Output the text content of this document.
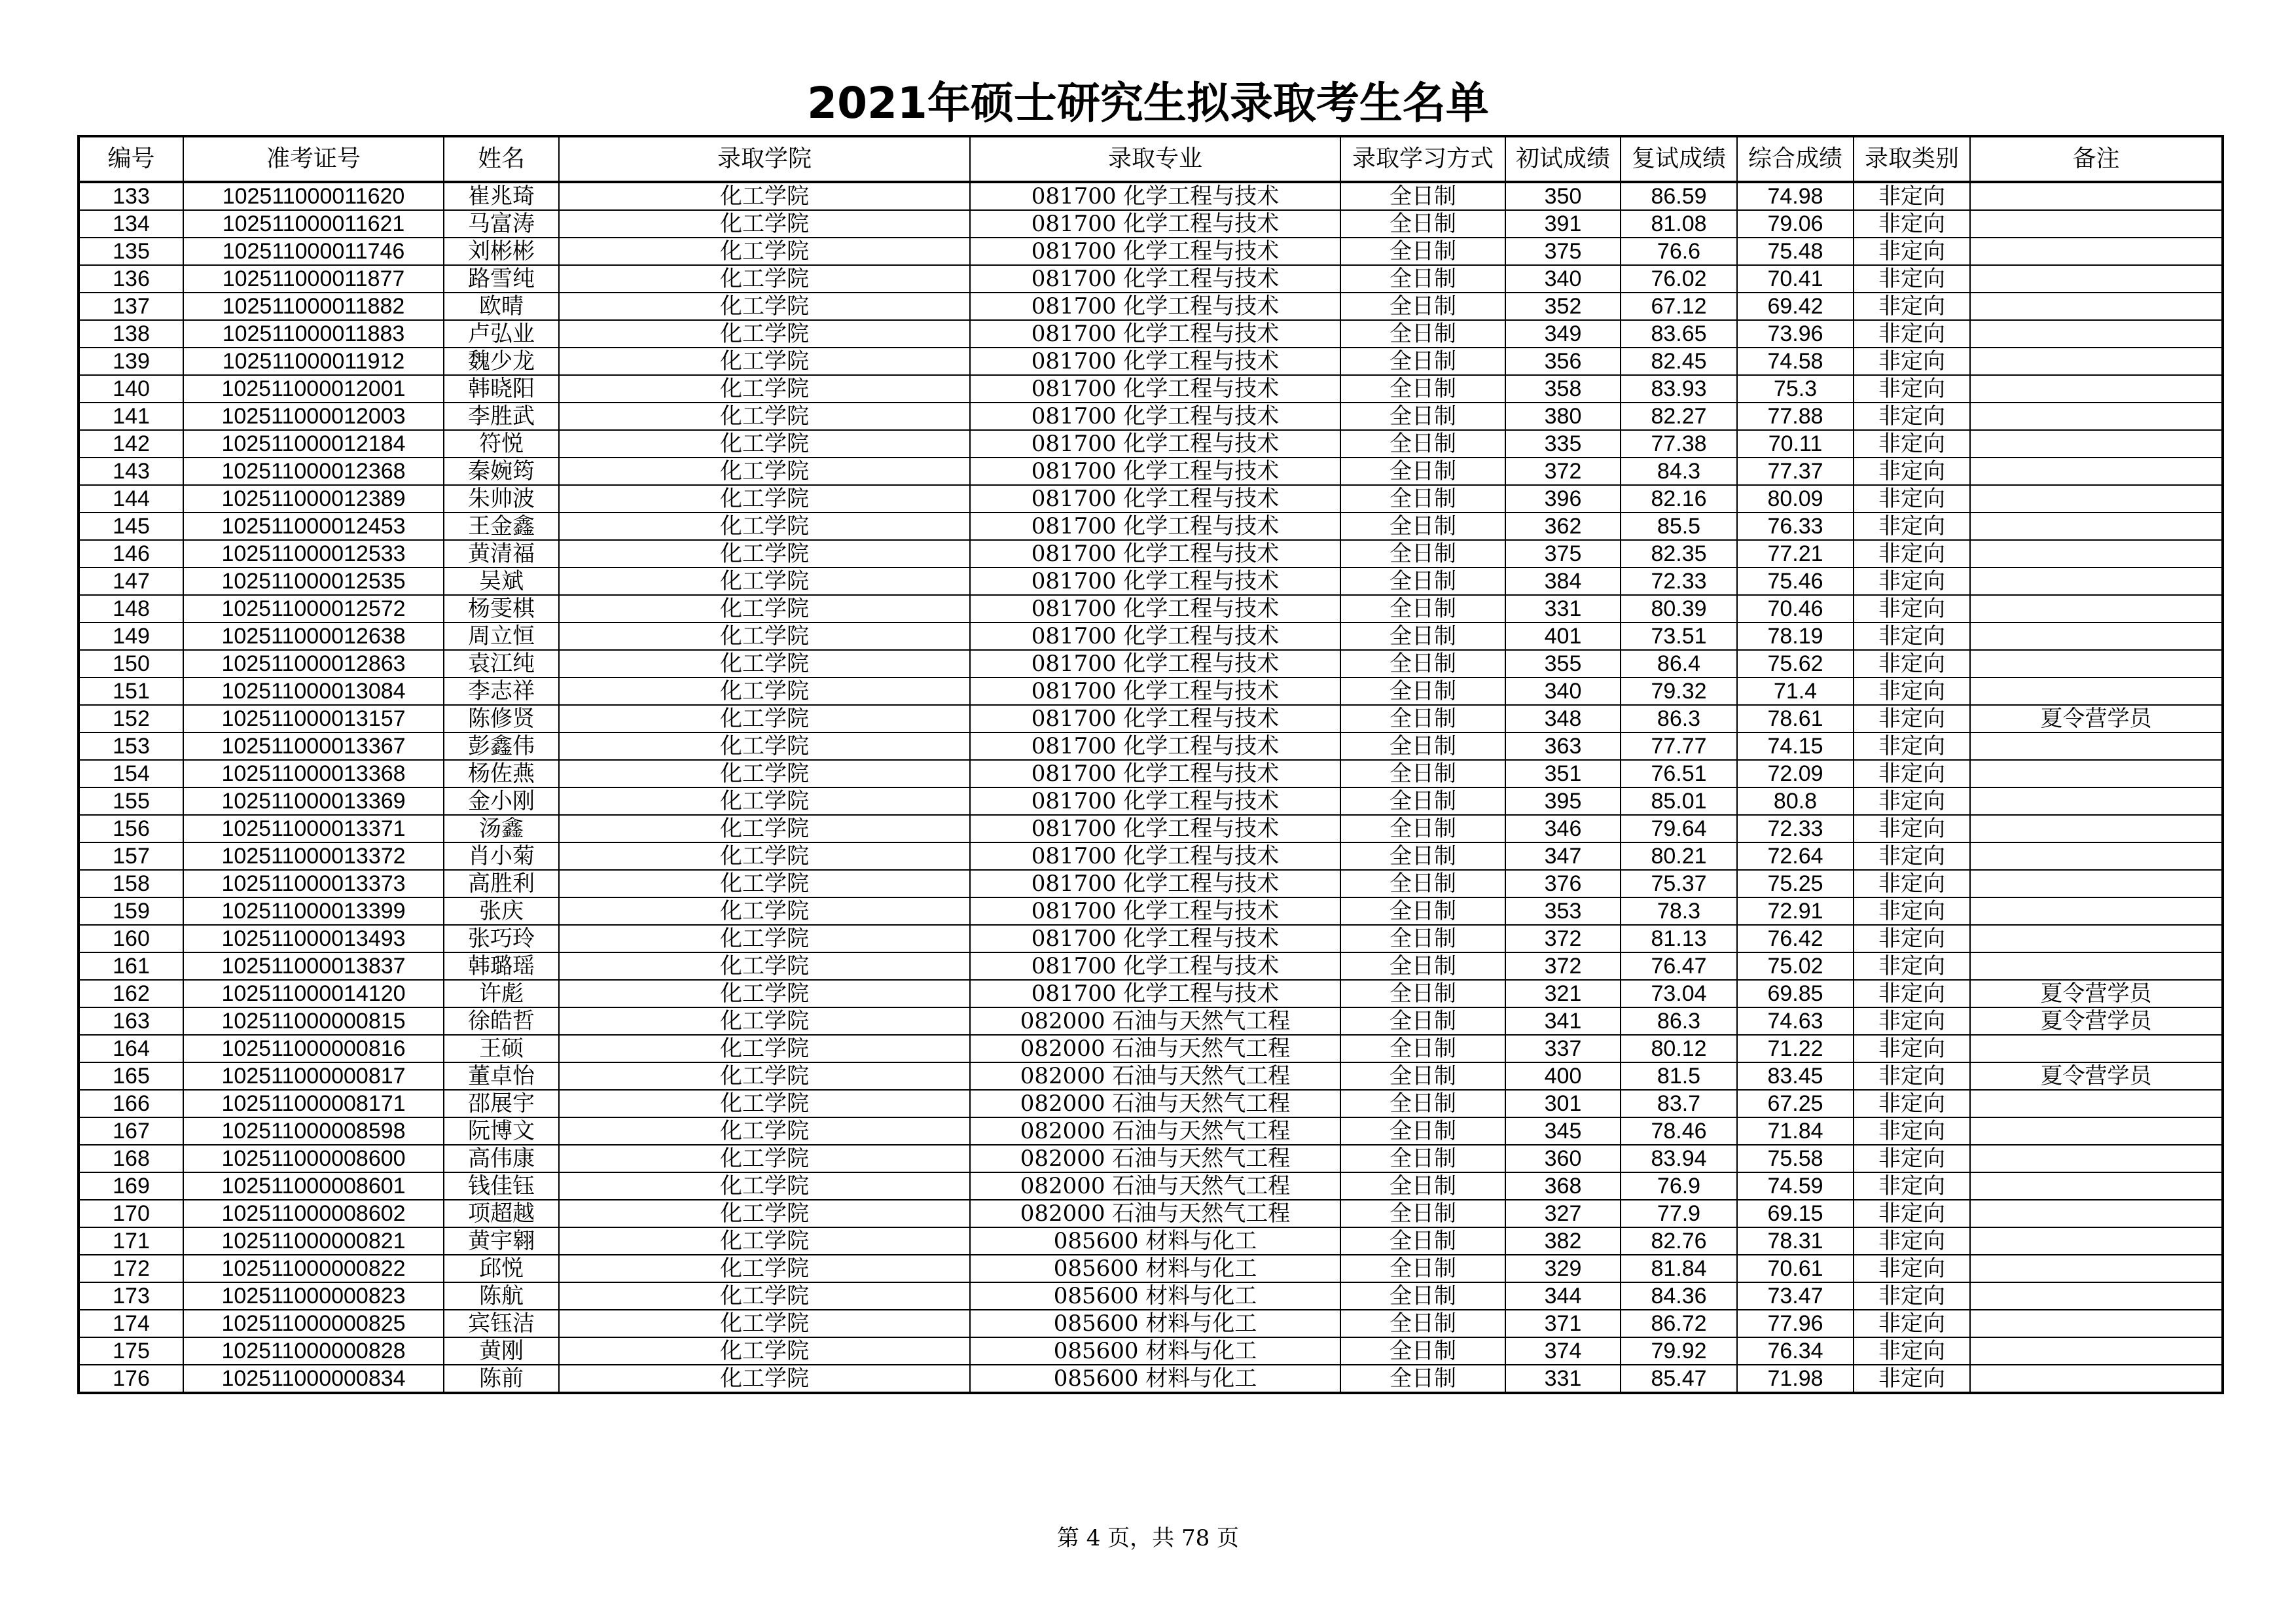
2021年硕士研究生拟录取考生名单
编号	准考证号	姓名	录取学院	录取专业	录取学习方式	初试成绩	复试成绩	综合成绩	录取类别	备注
133	102511000011620	崔兆琦	化工学院	081700 化学工程与技术	全日制	350	86.59	74.98	非定向	
134	102511000011621	马富涛	化工学院	081700 化学工程与技术	全日制	391	81.08	79.06	非定向	
135	102511000011746	刘彬彬	化工学院	081700 化学工程与技术	全日制	375	76.6	75.48	非定向	
136	102511000011877	路雪纯	化工学院	081700 化学工程与技术	全日制	340	76.02	70.41	非定向	
137	102511000011882	欧晴	化工学院	081700 化学工程与技术	全日制	352	67.12	69.42	非定向	
138	102511000011883	卢弘业	化工学院	081700 化学工程与技术	全日制	349	83.65	73.96	非定向	
139	102511000011912	魏少龙	化工学院	081700 化学工程与技术	全日制	356	82.45	74.58	非定向	
140	102511000012001	韩晓阳	化工学院	081700 化学工程与技术	全日制	358	83.93	75.3	非定向	
141	102511000012003	李胜武	化工学院	081700 化学工程与技术	全日制	380	82.27	77.88	非定向	
142	102511000012184	符悦	化工学院	081700 化学工程与技术	全日制	335	77.38	70.11	非定向	
143	102511000012368	秦婉筠	化工学院	081700 化学工程与技术	全日制	372	84.3	77.37	非定向	
144	102511000012389	朱帅波	化工学院	081700 化学工程与技术	全日制	396	82.16	80.09	非定向	
145	102511000012453	王金鑫	化工学院	081700 化学工程与技术	全日制	362	85.5	76.33	非定向	
146	102511000012533	黄清福	化工学院	081700 化学工程与技术	全日制	375	82.35	77.21	非定向	
147	102511000012535	吴斌	化工学院	081700 化学工程与技术	全日制	384	72.33	75.46	非定向	
148	102511000012572	杨雯棋	化工学院	081700 化学工程与技术	全日制	331	80.39	70.46	非定向	
149	102511000012638	周立恒	化工学院	081700 化学工程与技术	全日制	401	73.51	78.19	非定向	
150	102511000012863	袁江纯	化工学院	081700 化学工程与技术	全日制	355	86.4	75.62	非定向	
151	102511000013084	李志祥	化工学院	081700 化学工程与技术	全日制	340	79.32	71.4	非定向	
152	102511000013157	陈修贤	化工学院	081700 化学工程与技术	全日制	348	86.3	78.61	非定向	夏令营学员
153	102511000013367	彭鑫伟	化工学院	081700 化学工程与技术	全日制	363	77.77	74.15	非定向	
154	102511000013368	杨佐燕	化工学院	081700 化学工程与技术	全日制	351	76.51	72.09	非定向	
155	102511000013369	金小刚	化工学院	081700 化学工程与技术	全日制	395	85.01	80.8	非定向	
156	102511000013371	汤鑫	化工学院	081700 化学工程与技术	全日制	346	79.64	72.33	非定向	
157	102511000013372	肖小菊	化工学院	081700 化学工程与技术	全日制	347	80.21	72.64	非定向	
158	102511000013373	高胜利	化工学院	081700 化学工程与技术	全日制	376	75.37	75.25	非定向	
159	102511000013399	张庆	化工学院	081700 化学工程与技术	全日制	353	78.3	72.91	非定向	
160	102511000013493	张巧玲	化工学院	081700 化学工程与技术	全日制	372	81.13	76.42	非定向	
161	102511000013837	韩璐瑶	化工学院	081700 化学工程与技术	全日制	372	76.47	75.02	非定向	
162	102511000014120	许彪	化工学院	081700 化学工程与技术	全日制	321	73.04	69.85	非定向	夏令营学员
163	102511000000815	徐皓哲	化工学院	082000 石油与天然气工程	全日制	341	86.3	74.63	非定向	夏令营学员
164	102511000000816	王硕	化工学院	082000 石油与天然气工程	全日制	337	80.12	71.22	非定向	
165	102511000000817	董卓怡	化工学院	082000 石油与天然气工程	全日制	400	81.5	83.45	非定向	夏令营学员
166	102511000008171	邵展宇	化工学院	082000 石油与天然气工程	全日制	301	83.7	67.25	非定向	
167	102511000008598	阮博文	化工学院	082000 石油与天然气工程	全日制	345	78.46	71.84	非定向	
168	102511000008600	高伟康	化工学院	082000 石油与天然气工程	全日制	360	83.94	75.58	非定向	
169	102511000008601	钱佳钰	化工学院	082000 石油与天然气工程	全日制	368	76.9	74.59	非定向	
170	102511000008602	项超越	化工学院	082000 石油与天然气工程	全日制	327	77.9	69.15	非定向	
171	102511000000821	黄宇翱	化工学院	085600 材料与化工	全日制	382	82.76	78.31	非定向	
172	102511000000822	邱悦	化工学院	085600 材料与化工	全日制	329	81.84	70.61	非定向	
173	102511000000823	陈航	化工学院	085600 材料与化工	全日制	344	84.36	73.47	非定向	
174	102511000000825	宾钰洁	化工学院	085600 材料与化工	全日制	371	86.72	77.96	非定向	
175	102511000000828	黄刚	化工学院	085600 材料与化工	全日制	374	79.92	76.34	非定向	
176	102511000000834	陈前	化工学院	085600 材料与化工	全日制	331	85.47	71.98	非定向	
第 4 页，共 78 页
